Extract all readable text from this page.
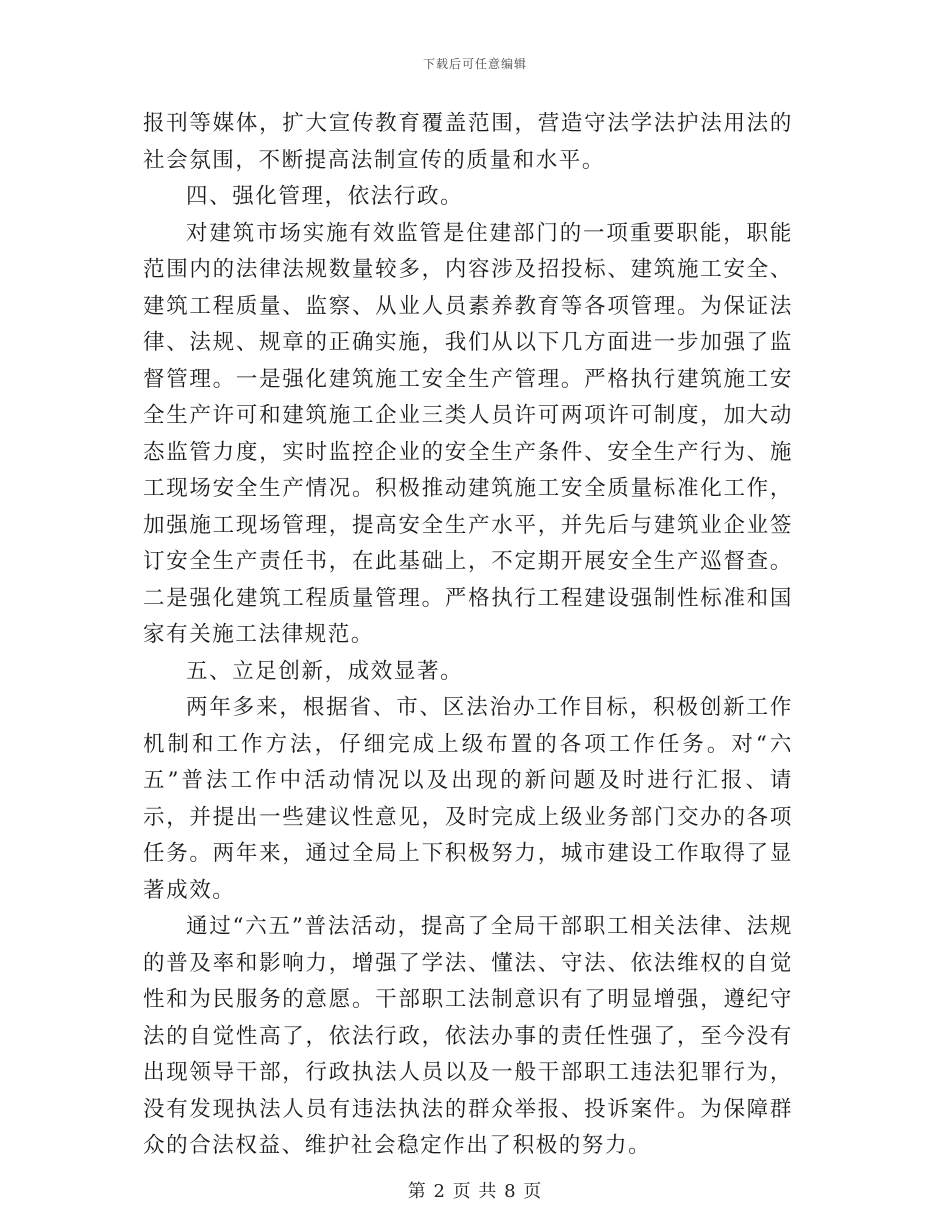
下载后可任意编辑

报刊等媒体，扩大宣传教育覆盖范围，营造守法学法护法用法的社会氛围，不断提高法制宣传的质量和水平。

四、强化管理，依法行政。

对建筑市场实施有效监管是住建部门的一项重要职能，职能范围内的法律法规数量较多，内容涉及招投标、建筑施工安全、建筑工程质量、监察、从业人员素养教育等各项管理。为保证法律、法规、规章的正确实施，我们从以下几方面进一步加强了监督管理。一是强化建筑施工安全生产管理。严格执行建筑施工安全生产许可和建筑施工企业三类人员许可两项许可制度，加大动态监管力度，实时监控企业的安全生产条件、安全生产行为、施工现场安全生产情况。积极推动建筑施工安全质量标准化工作，加强施工现场管理，提高安全生产水平，并先后与建筑业企业签订安全生产责任书，在此基础上，不定期开展安全生产巡督查。二是强化建筑工程质量管理。严格执行工程建设强制性标准和国家有关施工法律规范。

五、立足创新，成效显著。

两年多来，根据省、市、区法治办工作目标，积极创新工作机制和工作方法，仔细完成上级布置的各项工作任务。对“六五”普法工作中活动情况以及出现的新问题及时进行汇报、请示，并提出一些建议性意见，及时完成上级业务部门交办的各项任务。两年来，通过全局上下积极努力，城市建设工作取得了显著成效。

通过“六五”普法活动，提高了全局干部职工相关法律、法规的普及率和影响力，增强了学法、懂法、守法、依法维权的自觉性和为民服务的意愿。干部职工法制意识有了明显增强，遵纪守法的自觉性高了，依法行政，依法办事的责任性强了，至今没有出现领导干部，行政执法人员以及一般干部职工违法犯罪行为，没有发现执法人员有违法执法的群众举报、投诉案件。为保障群众的合法权益、维护社会稳定作出了积极的努力。

第 2 页 共 8 页
